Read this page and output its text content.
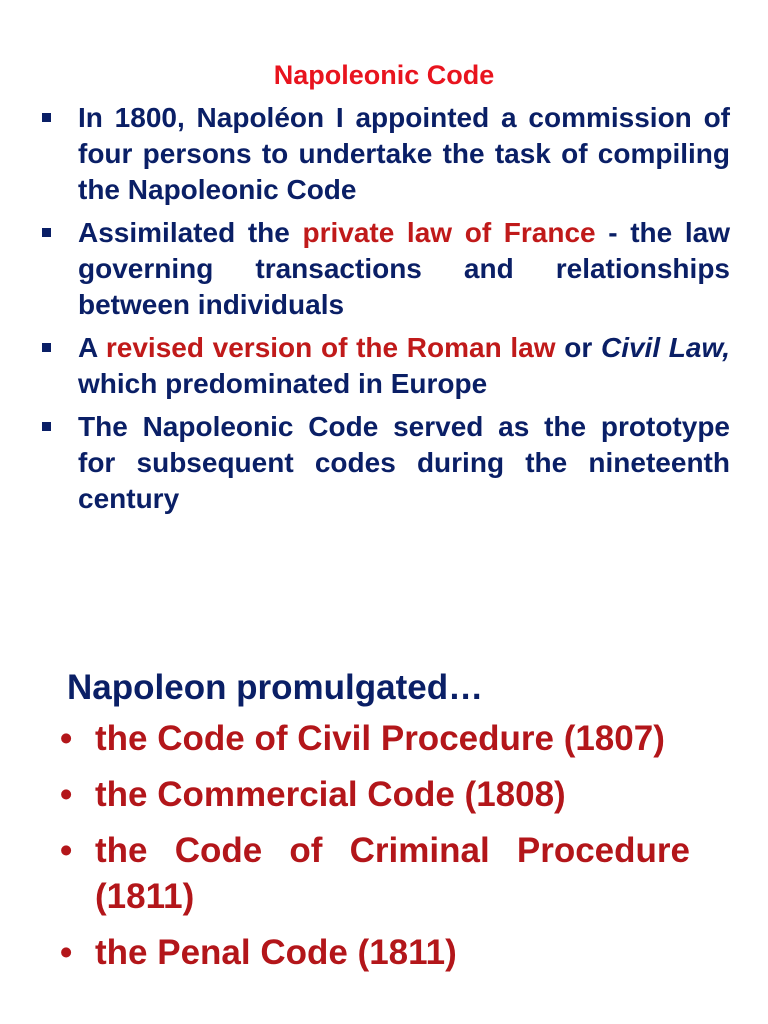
Napoleonic Code
In 1800, Napoléon I appointed a commission of four persons to undertake the task of compiling the Napoleonic Code
Assimilated the private law of France - the law governing transactions and relationships between individuals
A revised version of the Roman law or Civil Law, which predominated in Europe
The Napoleonic Code served as the prototype for subsequent codes during the nineteenth century
Napoleon promulgated…
• the Code of Civil Procedure (1807)
• the Commercial Code (1808)
• the Code of Criminal Procedure (1811)
• the Penal Code (1811)
